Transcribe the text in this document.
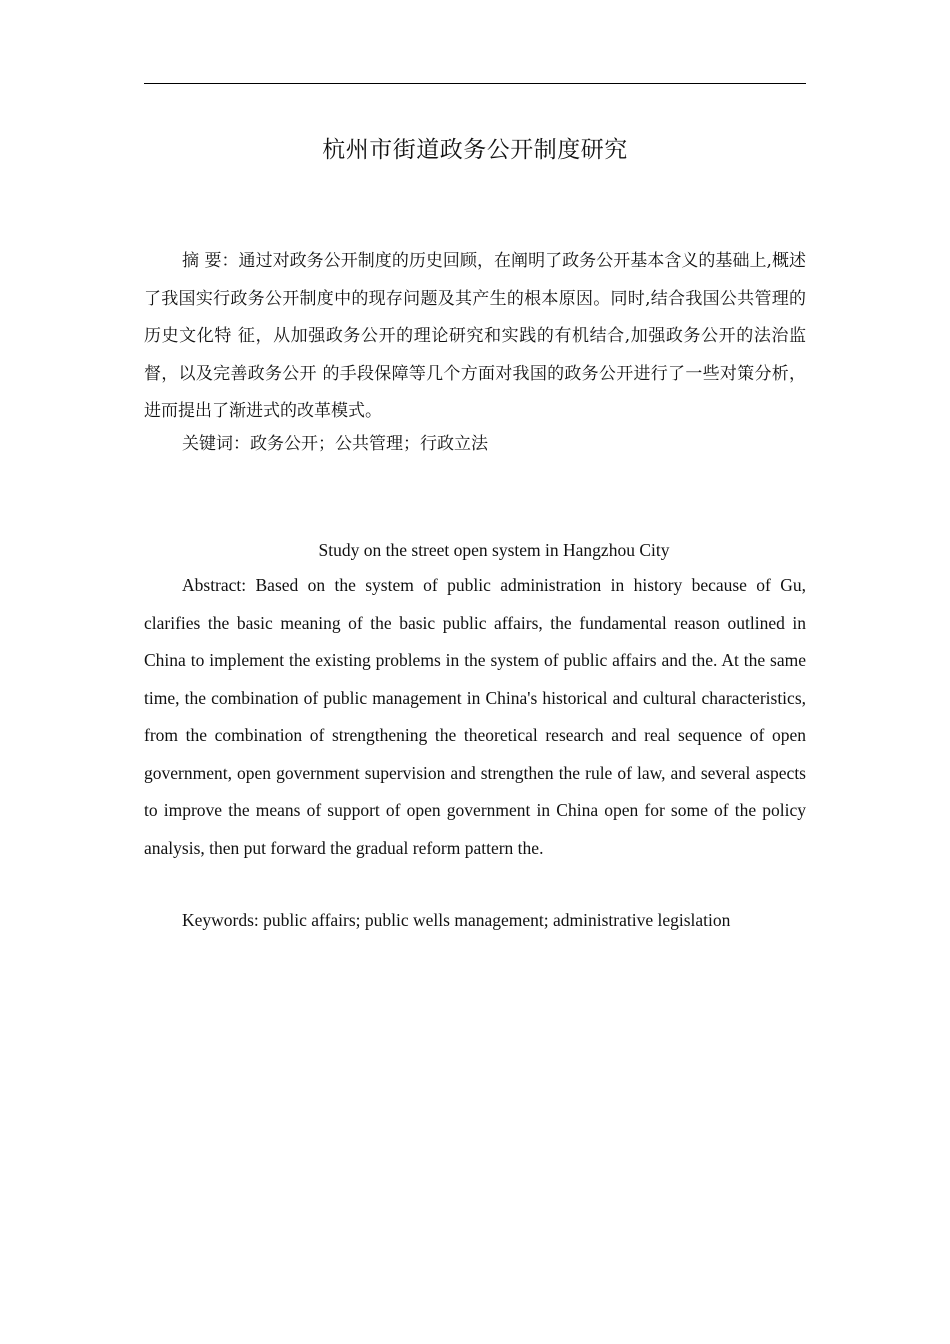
杭州市街道政务公开制度研究

摘 要：通过对政务公开制度的历史回顾，在阐明了政务公开基本含义的基础上,概述了我国实行政务公开制度中的现存问题及其产生的根本原因。同时,结合我国公共管理的历史文化特 征，从加强政务公开的理论研究和实践的有机结合,加强政务公开的法治监督，以及完善政务公开 的手段保障等几个方面对我国的政务公开进行了一些对策分析，进而提出了渐进式的改革模式。

关键词：政务公开；公共管理；行政立法

Study on the street open system in Hangzhou City

Abstract: Based on the system of public administration in history because of Gu, clarifies the basic meaning of the basic public affairs, the fundamental reason outlined in China to implement the existing problems in the system of public affairs and the. At the same time, the combination of public management in China's historical and cultural characteristics, from the combination of strengthening the theoretical research and real sequence of open government, open government supervision and strengthen the rule of law, and several aspects to improve the means of support of open government in China open for some of the policy analysis, then put forward the gradual reform pattern the.

Keywords: public affairs; public wells management; administrative legislation
